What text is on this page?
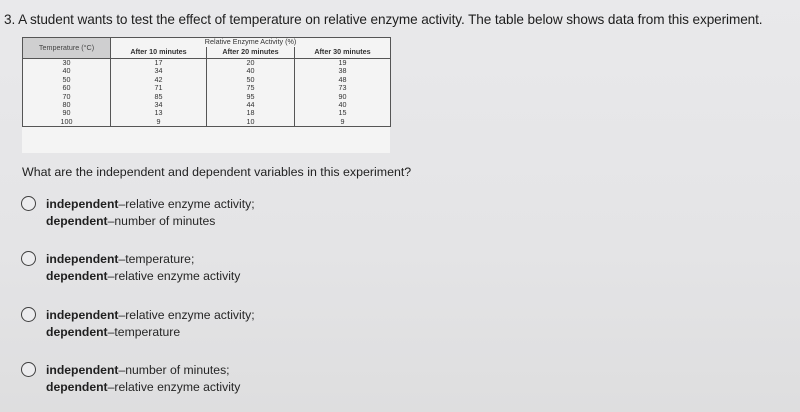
3. A student wants to test the effect of temperature on relative enzyme activity. The table below shows data from this experiment.
Temperature (°C)	Relative Enzyme Activity (%)		
	After 10 minutes	After 20 minutes	After 30 minutes
30	17	20	19
40	34	40	38
50	42	50	48
60	71	75	73
70	85	95	90
80	34	44	40
90	13	18	15
100	9	10	9
What are the independent and dependent variables in this experiment?
independent–relative enzyme activity;
dependent–number of minutes
independent–temperature;
dependent–relative enzyme activity
independent–relative enzyme activity;
dependent–temperature
independent–number of minutes;
dependent–relative enzyme activity
